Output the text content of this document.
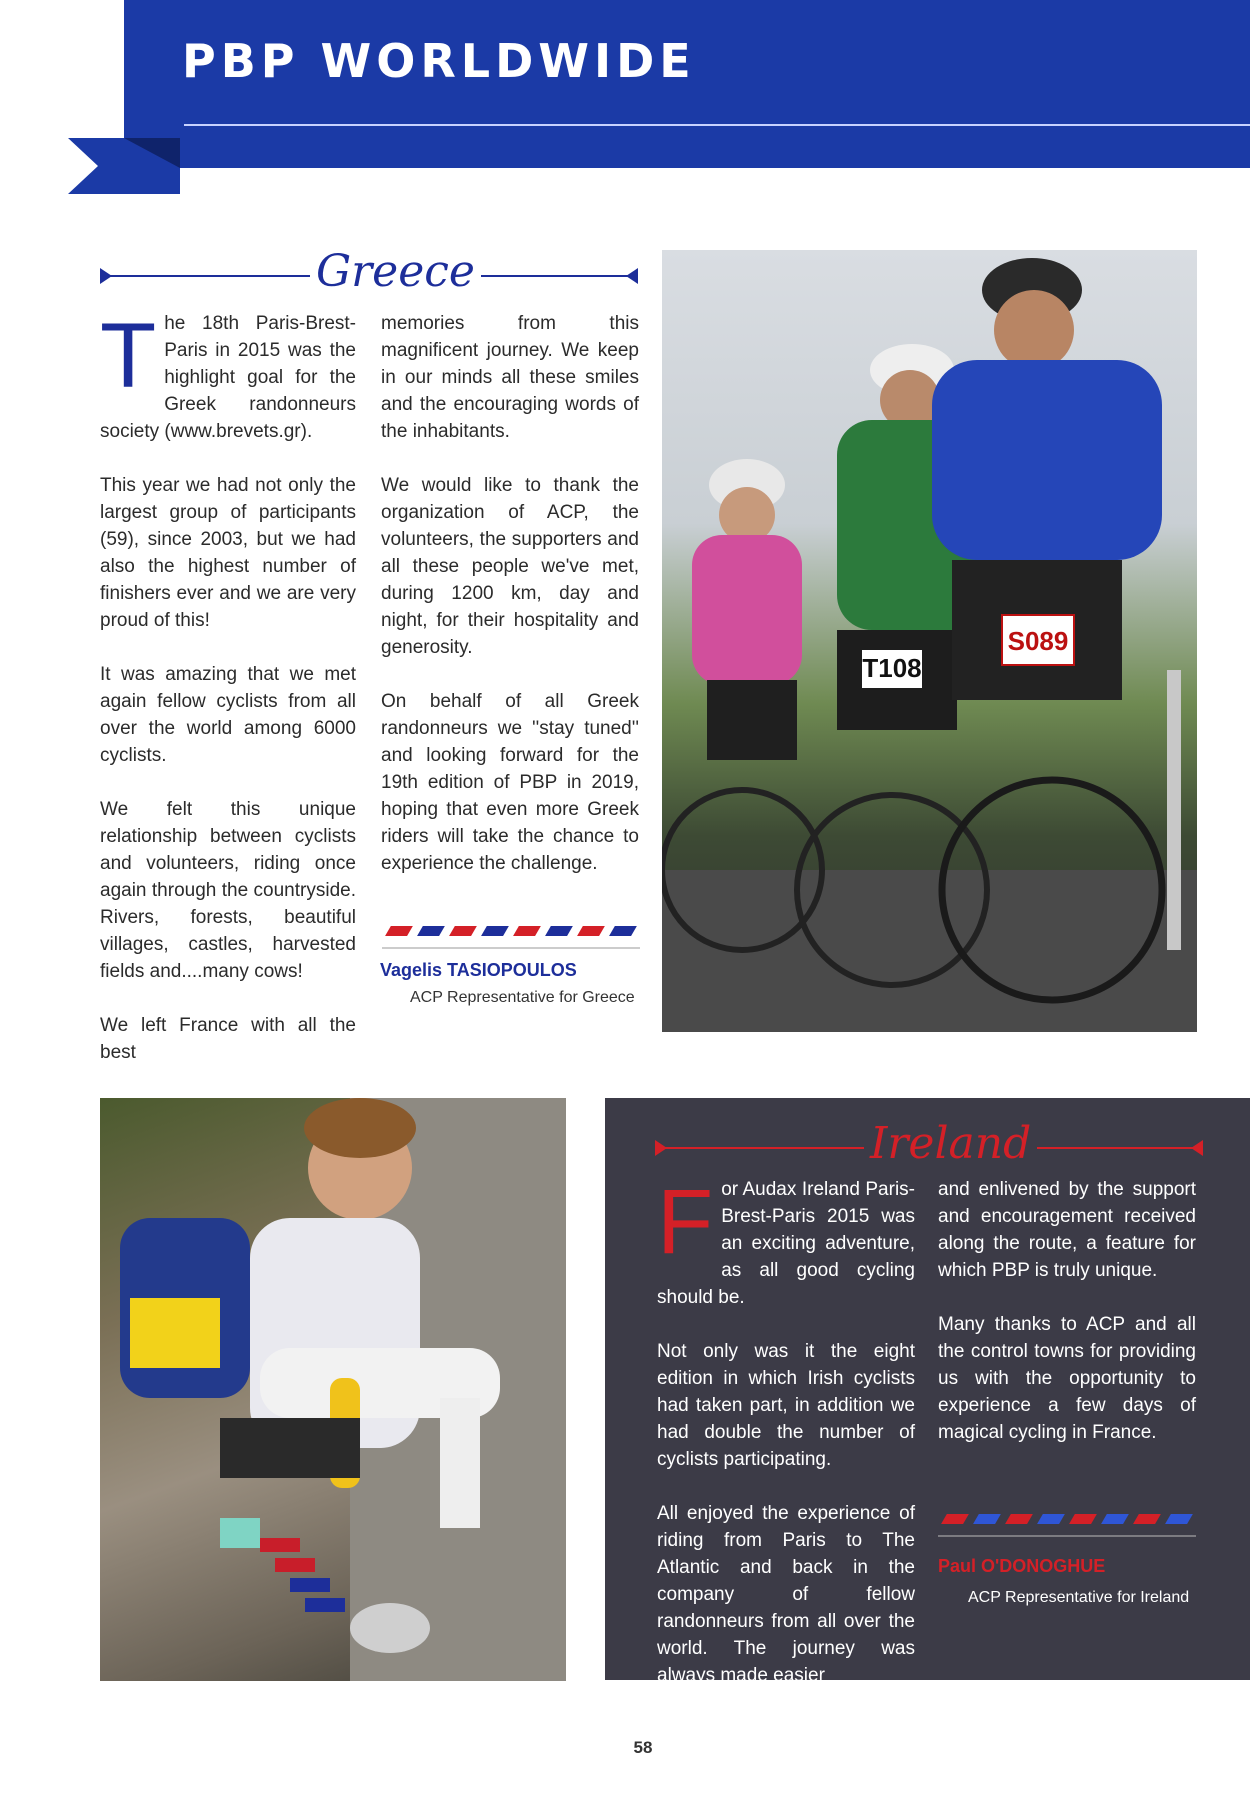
PBP WORLDWIDE
Greece
T he 18th Paris-Brest-Paris in 2015 was the highlight goal for the Greek randonneurs society (www.brevets.gr).

This year we had not only the largest group of participants (59), since 2003, but we had also the highest number of finishers ever and we are very proud of this!

It was amazing that we met again fellow cyclists from all over the world among 6000 cyclists.

We felt this unique relationship between cyclists and volunteers, riding once again through the countryside. Rivers, forests, beautiful villages, castles, harvested fields and....many cows!

We left France with all the best

memories from this magnificent journey. We keep in our minds all these smiles and the encouraging words of the inhabitants.

We would like to thank the organization of ACP, the volunteers, the supporters and all these people we've met, during 1200 km, day and night, for their hospitality and generosity.

On behalf of all Greek randonneurs we ''stay tuned'' and looking forward for the 19th edition of PBP in 2019, hoping that even more Greek riders will take the chance to experience the challenge.

Vagelis TASIOPOULOS
ACP Representative for Greece
T108
S089
Ireland
F or Audax Ireland Paris-Brest-Paris 2015 was an exciting adventure, as all good cycling should be.

Not only was it the eight edition in which Irish cyclists had taken part, in addition we had double the number of cyclists participating.

All enjoyed the experience of riding from Paris to The Atlantic and back in the company of fellow randonneurs from all over the world. The journey was always made easier

and enlivened by the support and encouragement received along the route, a feature for which PBP is truly unique.

Many thanks to ACP and all the control towns for providing us with the opportunity to experience a few days of magical cycling in France.

Paul O'DONOGHUE
ACP Representative for Ireland
58
